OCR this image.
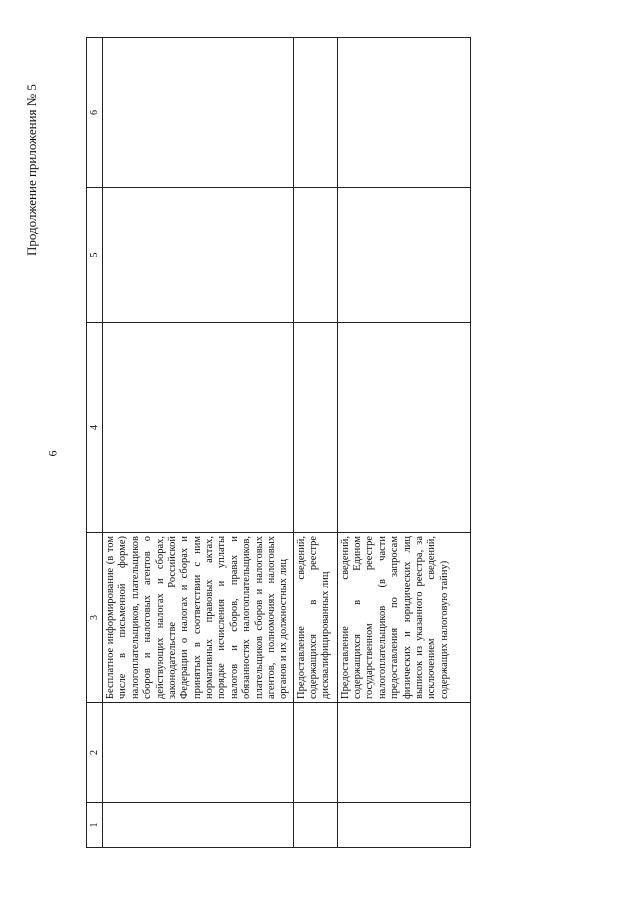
Продолжение приложения № 5
6
1	2	3	4	5	6
		Бесплатное информирование (в том числе в письменной форме) налогоплательщиков, плательщиков сборов и налоговых агентов о действующих налогах и сборах, законодательстве Российской Федерации о налогах и сборах и принятых в соответствии с ним нормативных правовых актах, порядке исчисления и уплаты налогов и сборов, правах и обязанностях налогоплательщиков, плательщиков сборов и налоговых агентов, полномочиях налоговых органов и их должностных лиц			
		Предоставление сведений, содержащихся в реестре дисквалифицированных лиц			
		Предоставление сведений, содержащихся в Едином государственном реестре налогоплательщиков (в части предоставления по запросам физических и юридических лиц выписок из указанного реестра, за исключением сведений, содержащих налоговую тайну)			
